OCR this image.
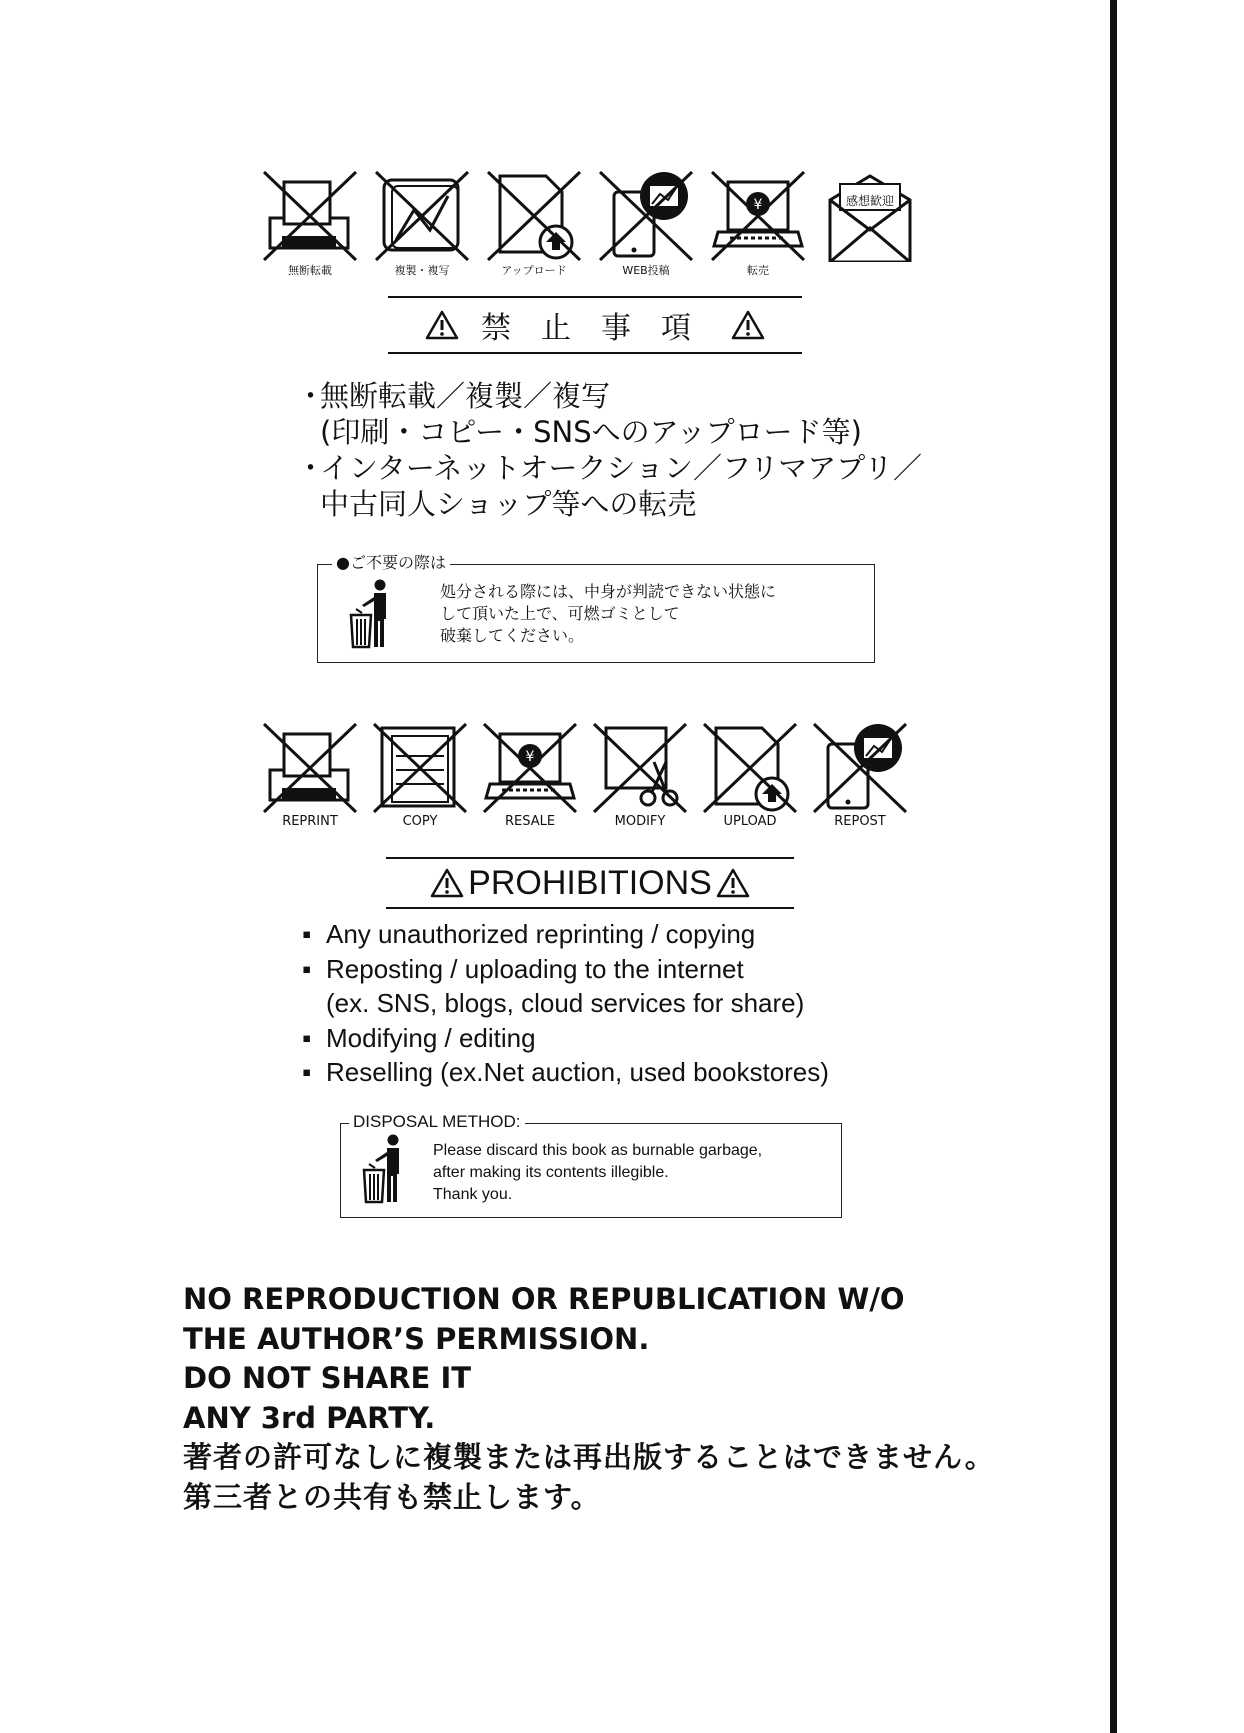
無断転載	複製・複写	アップロード	WEB投稿
¥
転売
感想歓迎
禁止事項
・
無断転載／複製／複写
(印刷・コピー・SNSへのアップロード等)
・
インターネットオークション／フリマアプリ／
中古同人ショップ等への転売
●ご不要の際は
処分される際には、中身が判読できない状態に
して頂いた上で、可燃ゴミとして
破棄してください。
REPRINT	COPY
¥
RESALE	MODIFY	UPLOAD	REPOST
PROHIBITIONS
▪ Any unauthorized reprinting / copying
▪ Reposting / uploading to the internet
(ex. SNS, blogs, cloud services for share)
▪ Modifying / editing
▪ Reselling (ex.Net auction, used bookstores)
DISPOSAL METHOD:
Please discard this book as burnable garbage,
after making its contents illegible.
Thank you.
NO REPRODUCTION OR REPUBLICATION W/O
THE AUTHOR’S PERMISSION.
DO NOT SHARE IT
ANY 3rd PARTY.
著者の許可なしに複製または再出版することはできません。
第三者との共有も禁止します。
